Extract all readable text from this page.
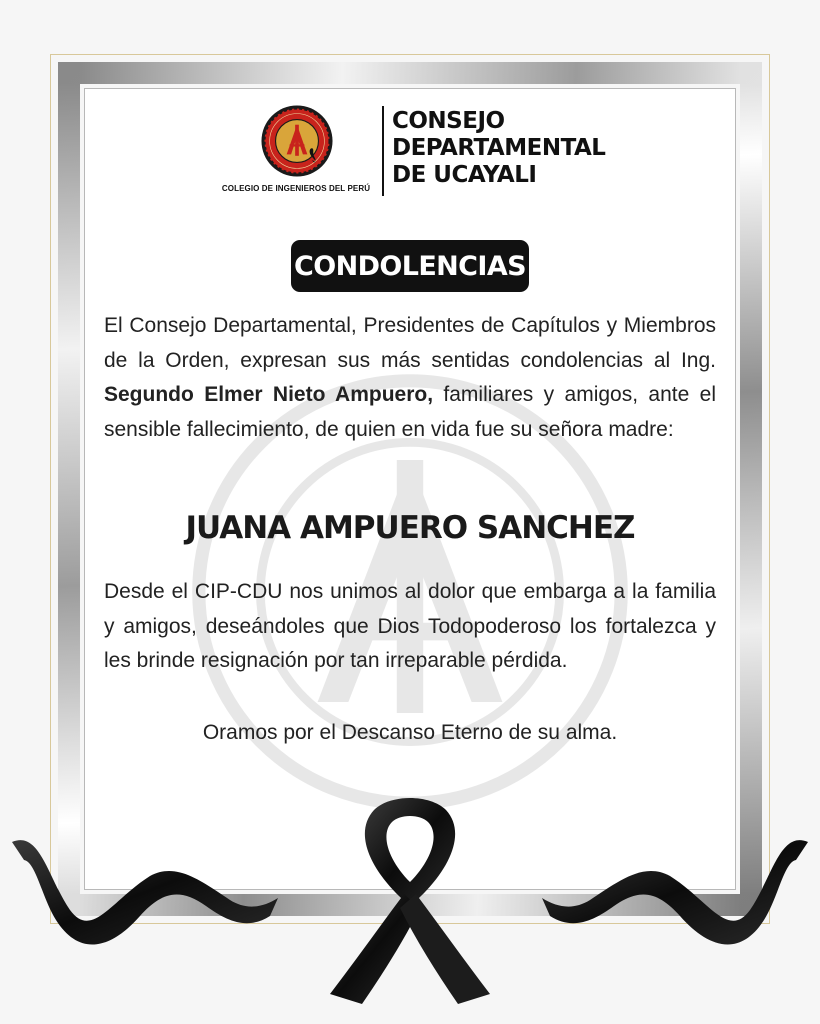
COLEGIO DE INGENIEROS DEL PERÚ
CONSEJO
DEPARTAMENTAL
DE UCAYALI
CONDOLENCIAS
El Consejo Departamental, Presidentes de Capítulos y Miembros de la Orden, expresan sus más sentidas condolencias al Ing. Segundo Elmer Nieto Ampuero, familiares y amigos, ante el sensible fallecimiento, de quien en vida fue su señora madre:
JUANA AMPUERO SANCHEZ
Desde el CIP-CDU nos unimos al dolor que embarga a la familia y amigos, deseándoles que Dios Todopoderoso los fortalezca y les brinde resignación por tan irreparable pérdida.
Oramos por el Descanso Eterno de su alma.
